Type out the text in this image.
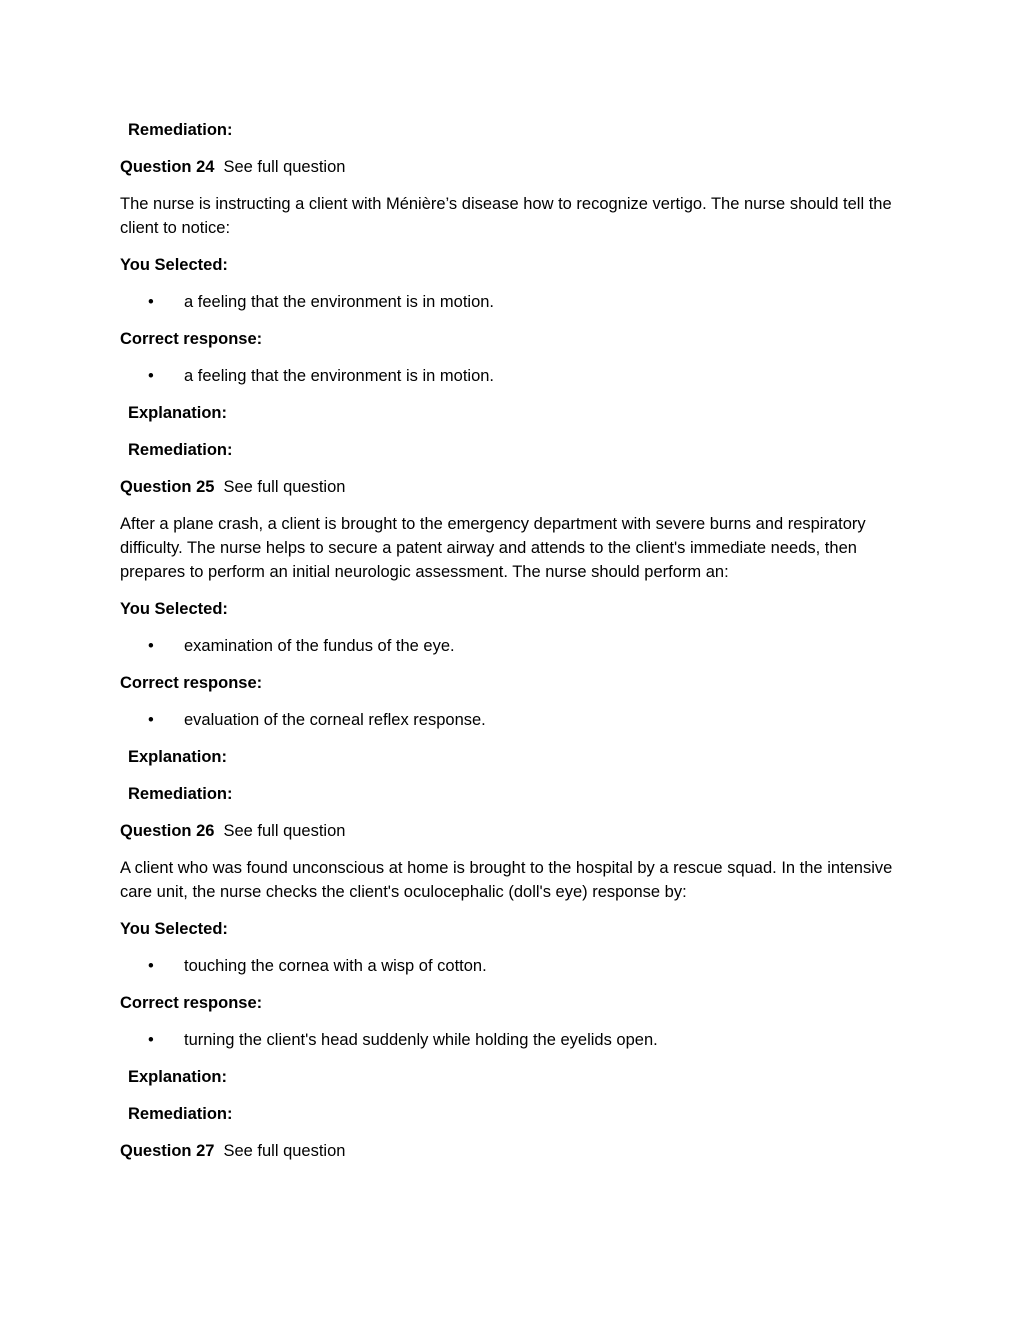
Remediation:

Question 24 See full question

The nurse is instructing a client with Ménière’s disease how to recognize vertigo. The nurse should tell the client to notice:

You Selected:

• a feeling that the environment is in motion.

Correct response:

• a feeling that the environment is in motion.

Explanation:

Remediation:

Question 25 See full question

After a plane crash, a client is brought to the emergency department with severe burns and respiratory difficulty. The nurse helps to secure a patent airway and attends to the client's immediate needs, then prepares to perform an initial neurologic assessment. The nurse should perform an:

You Selected:

• examination of the fundus of the eye.

Correct response:

• evaluation of the corneal reflex response.

Explanation:

Remediation:

Question 26 See full question

A client who was found unconscious at home is brought to the hospital by a rescue squad. In the intensive care unit, the nurse checks the client's oculocephalic (doll's eye) response by:

You Selected:

• touching the cornea with a wisp of cotton.

Correct response:

• turning the client's head suddenly while holding the eyelids open.

Explanation:

Remediation:

Question 27 See full question
